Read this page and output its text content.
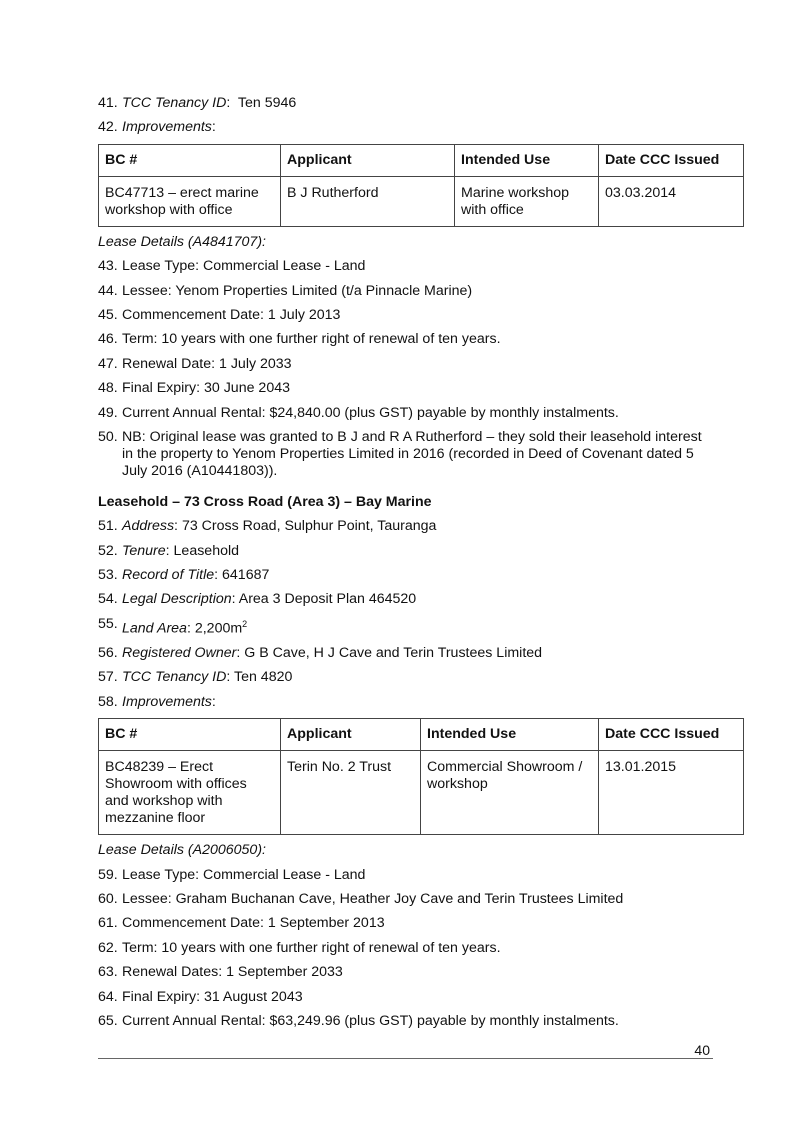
41. TCC Tenancy ID:  Ten 5946
42. Improvements:
BC #	Applicant	Intended Use	Date CCC Issued
BC47713 – erect marine workshop with office	B J Rutherford	Marine workshop with office	03.03.2014
Lease Details (A4841707):
43. Lease Type: Commercial Lease - Land
44. Lessee: Yenom Properties Limited (t/a Pinnacle Marine)
45. Commencement Date: 1 July 2013
46. Term: 10 years with one further right of renewal of ten years.
47. Renewal Date: 1 July 2033
48. Final Expiry: 30 June 2043
49. Current Annual Rental: $24,840.00 (plus GST) payable by monthly instalments.
50. NB: Original lease was granted to B J and R A Rutherford – they sold their leasehold interest in the property to Yenom Properties Limited in 2016 (recorded in Deed of Covenant dated 5 July 2016 (A10441803)).
Leasehold – 73 Cross Road (Area 3) – Bay Marine
51. Address: 73 Cross Road, Sulphur Point, Tauranga
52. Tenure: Leasehold
53. Record of Title: 641687
54. Legal Description: Area 3 Deposit Plan 464520
55. Land Area: $2,200m^2$
56. Registered Owner: G B Cave, H J Cave and Terin Trustees Limited
57. TCC Tenancy ID: Ten 4820
58. Improvements:
BC #	Applicant	Intended Use	Date CCC Issued
BC48239 – Erect Showroom with offices and workshop with mezzanine floor	Terin No. 2 Trust	Commercial Showroom / workshop	13.01.2015
Lease Details (A2006050):
59. Lease Type: Commercial Lease - Land
60. Lessee: Graham Buchanan Cave, Heather Joy Cave and Terin Trustees Limited
61. Commencement Date: 1 September 2013
62. Term: 10 years with one further right of renewal of ten years.
63. Renewal Dates: 1 September 2033
64. Final Expiry: 31 August 2043
65. Current Annual Rental: $63,249.96 (plus GST) payable by monthly instalments.
40
